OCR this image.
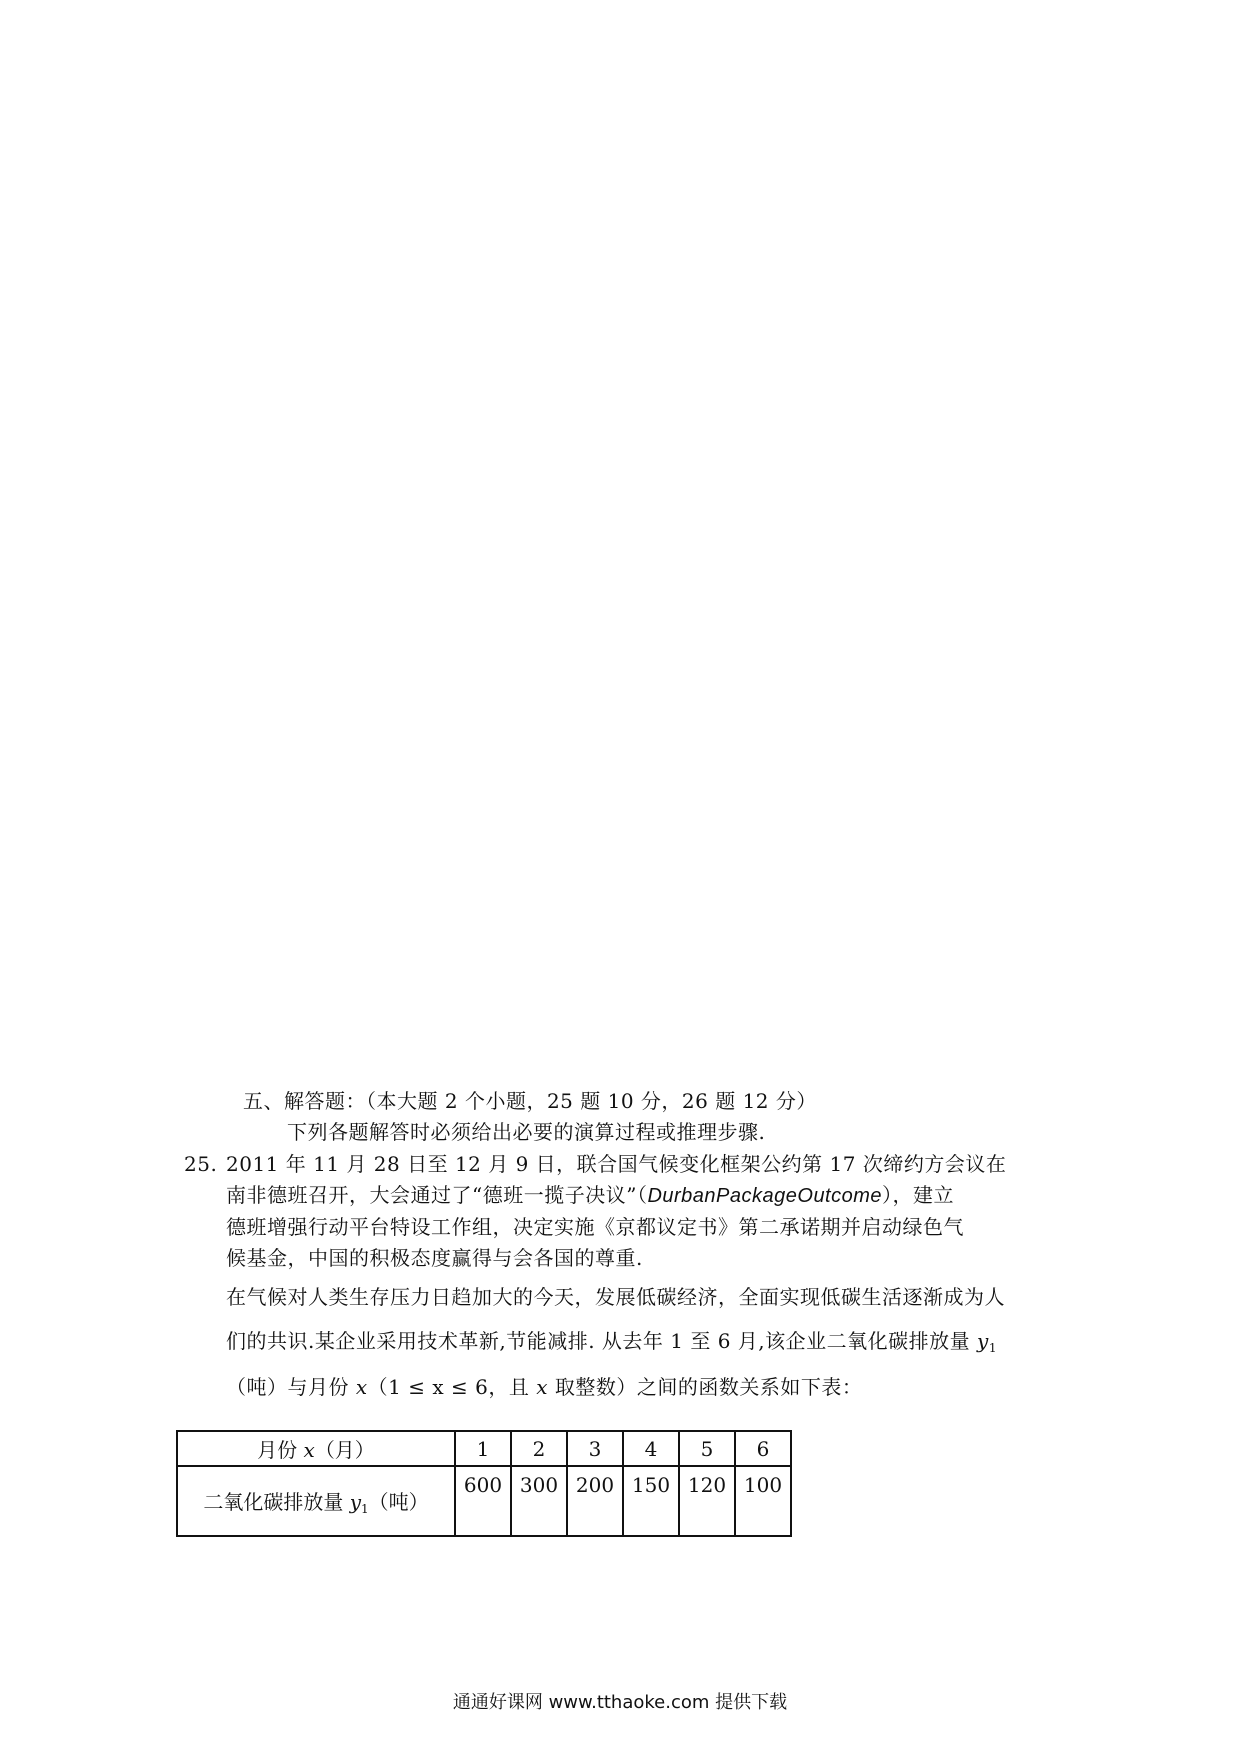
五、解答题：（本大题 2 个小题，25 题 10 分，26 题 12 分）
下列各题解答时必须给出必要的演算过程或推理步骤.
25. 2011 年 11 月 28 日至 12 月 9 日，联合国气候变化框架公约第 17 次缔约方会议在
南非德班召开，大会通过了“德班一揽子决议”（DurbanPackageOutcome），建立
德班增强行动平台特设工作组，决定实施《京都议定书》第二承诺期并启动绿色气
候基金，中国的积极态度赢得与会各国的尊重.
在气候对人类生存压力日趋加大的今天，发展低碳经济，全面实现低碳生活逐渐成为人
们的共识.某企业采用技术革新,节能减排. 从去年 1 至 6 月,该企业二氧化碳排放量 $y_1$
（吨）与月份 x（1 ≤ x ≤ 6，且 x 取整数）之间的函数关系如下表：
月份 x（月）	1	2	3	4	5	6
二氧化碳排放量 $y_1$（吨）	600	300	200	150	120	100
通通好课网 www.tthaoke.com 提供下载
